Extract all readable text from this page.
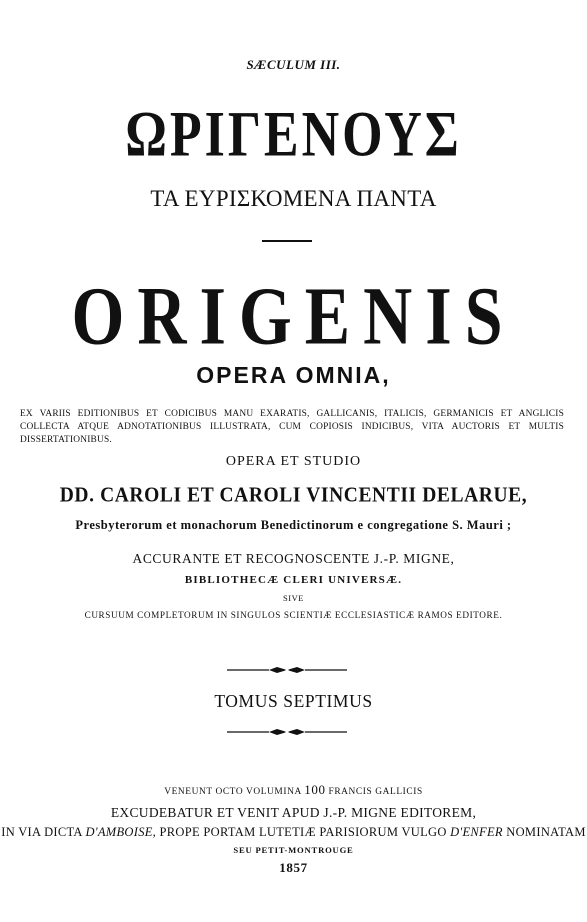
SÆCULUM III.
ΩΡΙΓΕΝΟΥΣ
ΤΑ ΕΥΡΙΣΚΟΜΕΝΑ ΠΑΝΤΑ
ORIGENIS
OPERA OMNIA,
EX VARIIS EDITIONIBUS ET CODICIBUS MANU EXARATIS, GALLICANIS, ITALICIS, GERMANICIS ET ANGLICIS COLLECTA ATQUE ADNOTATIONIBUS ILLUSTRATA, CUM COPIOSIS INDICIBUS, VITA AUCTORIS ET MULTIS DISSERTATIONIBUS.
OPERA ET STUDIO
DD. CAROLI ET CAROLI VINCENTII DELARUE,
Presbyterorum et monachorum Benedictinorum e congregatione S. Mauri ;
ACCURANTE ET RECOGNOSCENTE J.-P. MIGNE,
BIBLIOTHECÆ CLERI UNIVERSÆ.
SIVE
CURSUUM COMPLETORUM IN SINGULOS SCIENTIÆ ECCLESIASTICÆ RAMOS EDITORE.
TOMUS SEPTIMUS
VENEUNT OCTO VOLUMINA 100 FRANCIS GALLICIS
EXCUDEBATUR ET VENIT APUD J.-P. MIGNE EDITOREM,
IN VIA DICTA D'AMBOISE, PROPE PORTAM LUTETIÆ PARISIORUM VULGO D'ENFER NOMINATAM
SEU PETIT-MONTROUGE
1857
